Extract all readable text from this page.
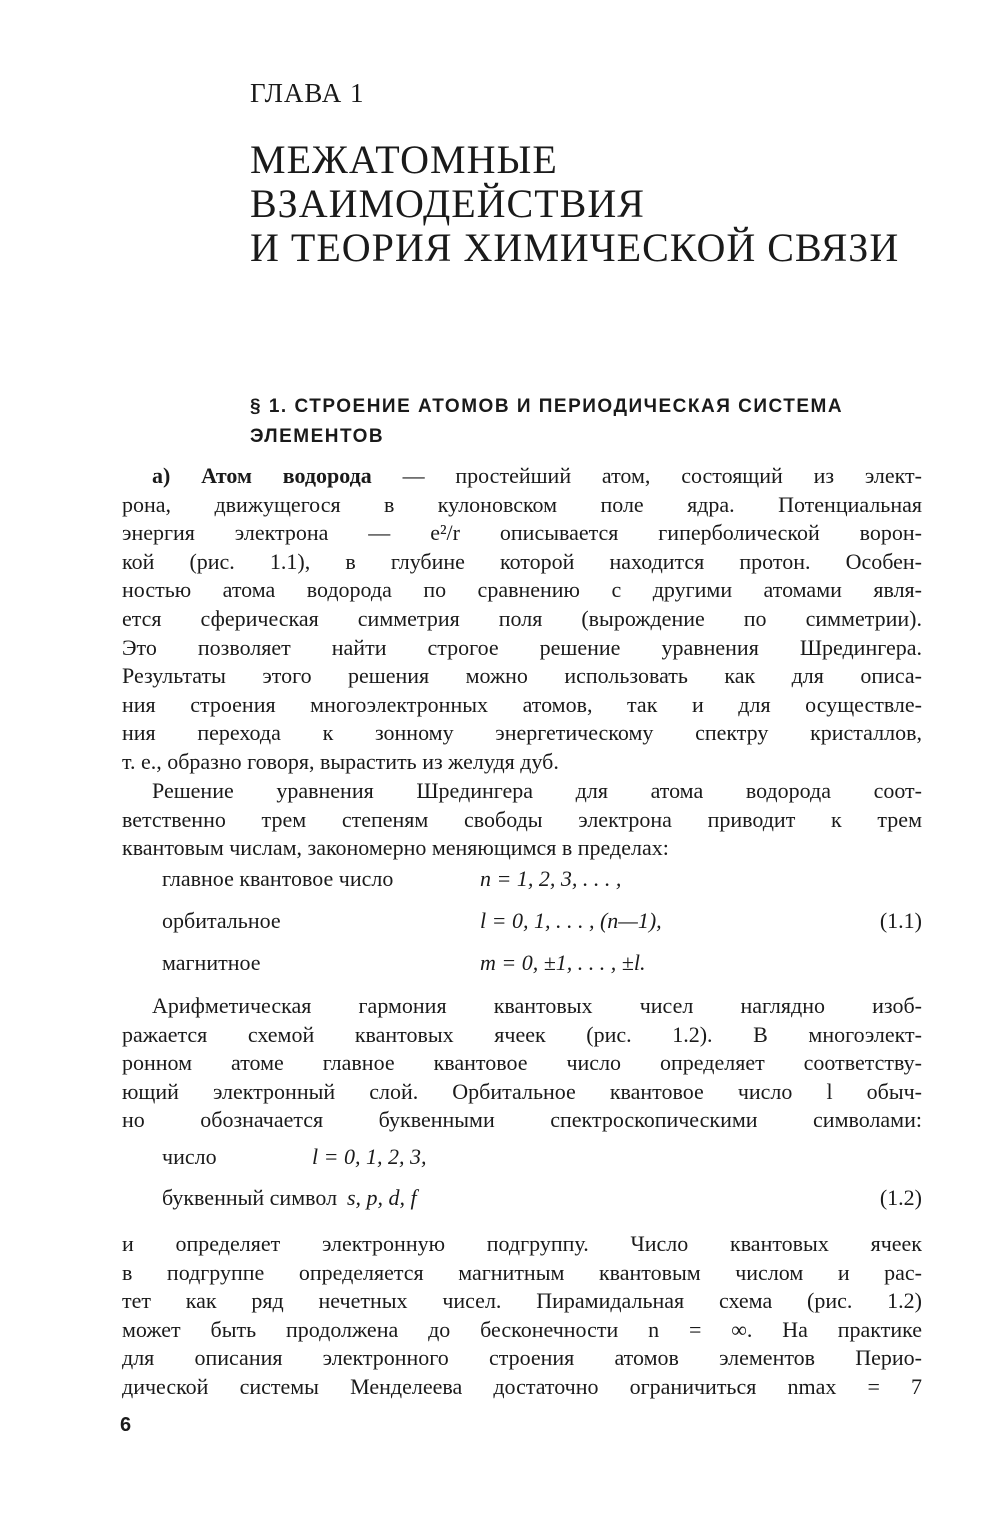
ГЛАВА 1
МЕЖАТОМНЫЕ
ВЗАИМОДЕЙСТВИЯ
И ТЕОРИЯ ХИМИЧЕСКОЙ СВЯЗИ
§ 1. СТРОЕНИЕ АТОМОВ И ПЕРИОДИЧЕСКАЯ СИСТЕМА
ЭЛЕМЕНТОВ
а) Атом водорода — простейший атом, состоящий из элект-
рона, движущегося в кулоновском поле ядра. Потенциальная
энергия электрона — e²/r описывается гиперболической ворон-
кой (рис. 1.1), в глубине которой находится протон. Особен-
ностью атома водорода по сравнению с другими атомами явля-
ется сферическая симметрия поля (вырождение по симметрии).
Это позволяет найти строгое решение уравнения Шредингера.
Результаты этого решения можно использовать как для описа-
ния строения многоэлектронных атомов, так и для осуществле-
ния перехода к зонному энергетическому спектру кристаллов,
т. е., образно говоря, вырастить из желудя дуб.
Решение уравнения Шредингера для атома водорода соот-
ветственно трем степеням свободы электрона приводит к трем
квантовым числам, закономерно меняющимся в пределах:
главное квантовое число	n = 1, 2, 3, . . . ,
орбитальное	l = 0, 1, . . . , (n—1),	(1.1)
магнитное	m = 0, ±1, . . . , ±l.
Арифметическая гармония квантовых чисел наглядно изоб-
ражается схемой квантовых ячеек (рис. 1.2). В многоэлект-
ронном атоме главное квантовое число определяет соответству-
ющий электронный слой. Орбитальное квантовое число l обыч-
но обозначается буквенными спектроскопическими символами:
число	l = 0, 1, 2, 3,
буквенный символ s, p, d, f	(1.2)
и определяет электронную подгруппу. Число квантовых ячеек
в подгруппе определяется магнитным квантовым числом и рас-
тет как ряд нечетных чисел. Пирамидальная схема (рис. 1.2)
может быть продолжена до бесконечности n = ∞. На практике
для описания электронного строения атомов элементов Перио-
дической системы Менделеева достаточно ограничиться nmax = 7
6
